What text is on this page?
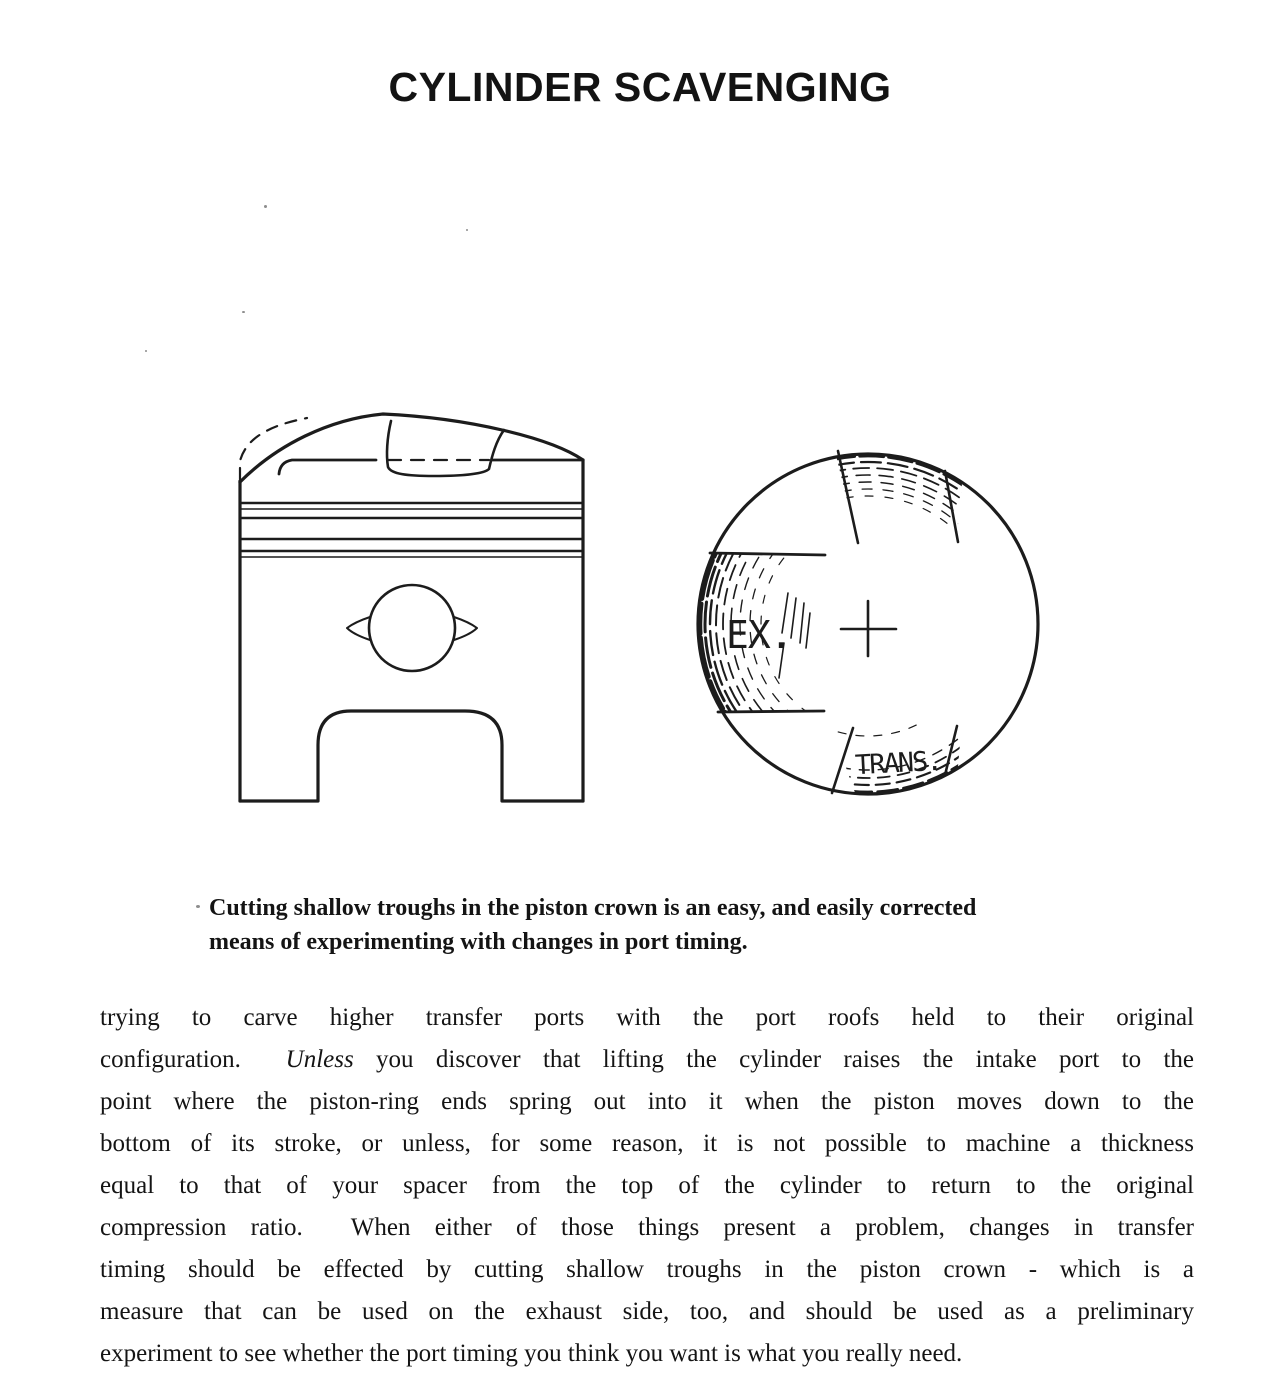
CYLINDER SCAVENGING
EX.
TRANS.
Cutting shallow troughs in the piston crown is an easy, and easily corrected
means of experimenting with changes in port timing.
trying to carve higher transfer ports with the port roofs held to their original
configuration.  Unless you discover that lifting the cylinder raises the intake port to the
point where the piston-ring ends spring out into it when the piston moves down to the
bottom of its stroke, or unless, for some reason, it is not possible to machine a thickness
equal to that of your spacer from the top of the cylinder to return to the original
compression ratio.  When either of those things present a problem, changes in transfer
timing should be effected by cutting shallow troughs in the piston crown - which is a
measure that can be used on the exhaust side, too, and should be used as a preliminary
experiment to see whether the port timing you think you want is what you really need.
